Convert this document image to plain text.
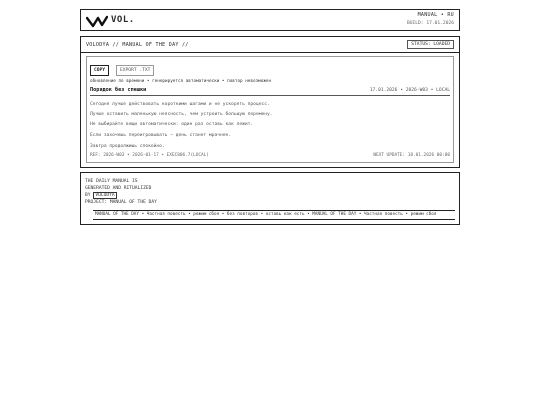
VOL.	MANUAL • RU
BUILD: 17.01.2026
VOLODYA // MANUAL OF THE DAY //	STATUS: LOADED
COPY	EXPORT .TXT
обновление по времени • генерируется автоматически • повтор невозможен
Порядок без спешки	17.01.2026 • 2026-W03 • LOCAL
Сегодня лучше действовать короткими шагами и не ускорять процесс.
Лучше оставить маленькую неясность, чем устроить большую перемену.
Не выбирайте вещи автоматически: один раз оставь как лежит.
Если захочешь переигровывать — день станет мрачнее.
Завтра продолжишь спокойно.
REF: 2026-W03 • 2026-01-17 • EXEC806.7(LOCAL)	NEXT UPDATE: 18.01.2026 00:00
THE DAILY MANUAL IS
GENERATED AND RITUALIZED
BY VOLODYA
PROJECT: MANUAL OF THE DAY
MANUAL OF THE DAY • Частная повесть • режим сбоя • без повторов • оставь как есть • MANUAL OF THE DAY • Частная повесть • режим сбоя
